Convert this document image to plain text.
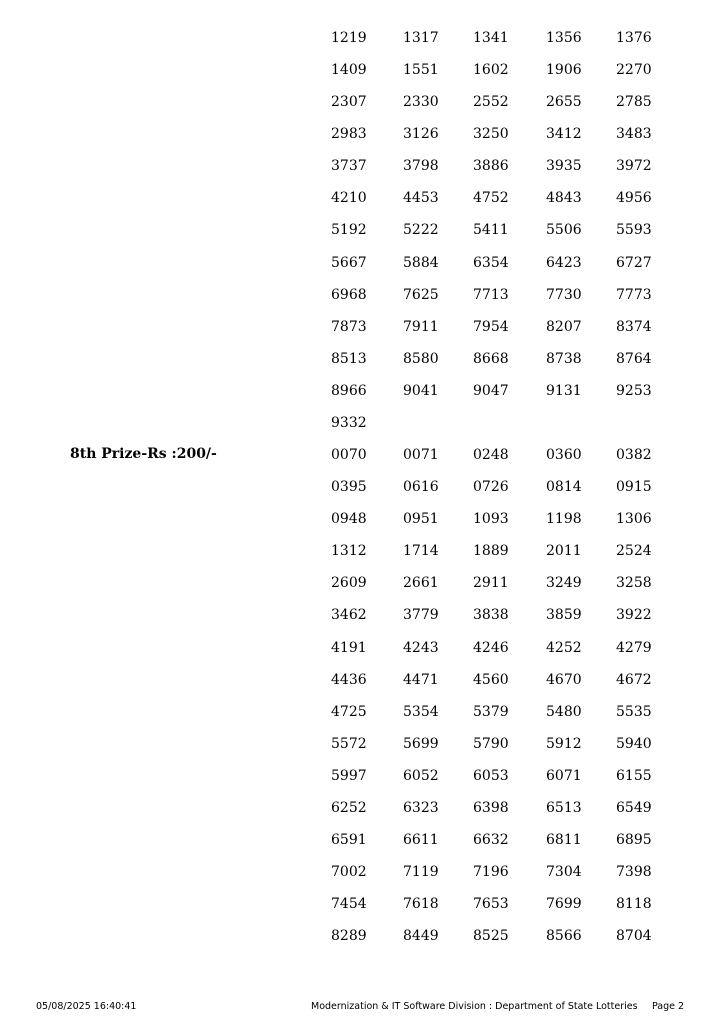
1219	1317 1341	1356 1376
1409	1551 1602	1906 2270
2307	2330 2552	2655 2785
2983	3126 3250	3412 3483
3737	3798 3886	3935 3972
4210	4453 4752	4843 4956
5192	5222 5411	5506 5593
5667	5884 6354	6423 6727
6968	7625 7713	7730 7773
7873	7911 7954	8207 8374
8513	8580 8668	8738 8764
8966	9041 9047	9131 9253
9332
0070	0071 0248	0360 0382
0395	0616 0726	0814 0915
0948	0951 1093	1198 1306
1312	1714 1889	2011 2524
2609	2661 2911	3249 3258
3462	3779 3838	3859 3922
4191	4243 4246	4252 4279
4436	4471 4560	4670 4672
4725	5354 5379	5480 5535
5572	5699 5790	5912 5940
5997	6052 6053	6071 6155
6252	6323 6398	6513 6549
6591	6611 6632	6811 6895
7002	7119 7196	7304 7398
7454	7618 7653	7699 8118
8289	8449 8525	8566 8704
8th Prize-Rs :200/-
05/08/2025 16:40:41	Modernization & IT Software Division : Department of State Lotteries Page 2
